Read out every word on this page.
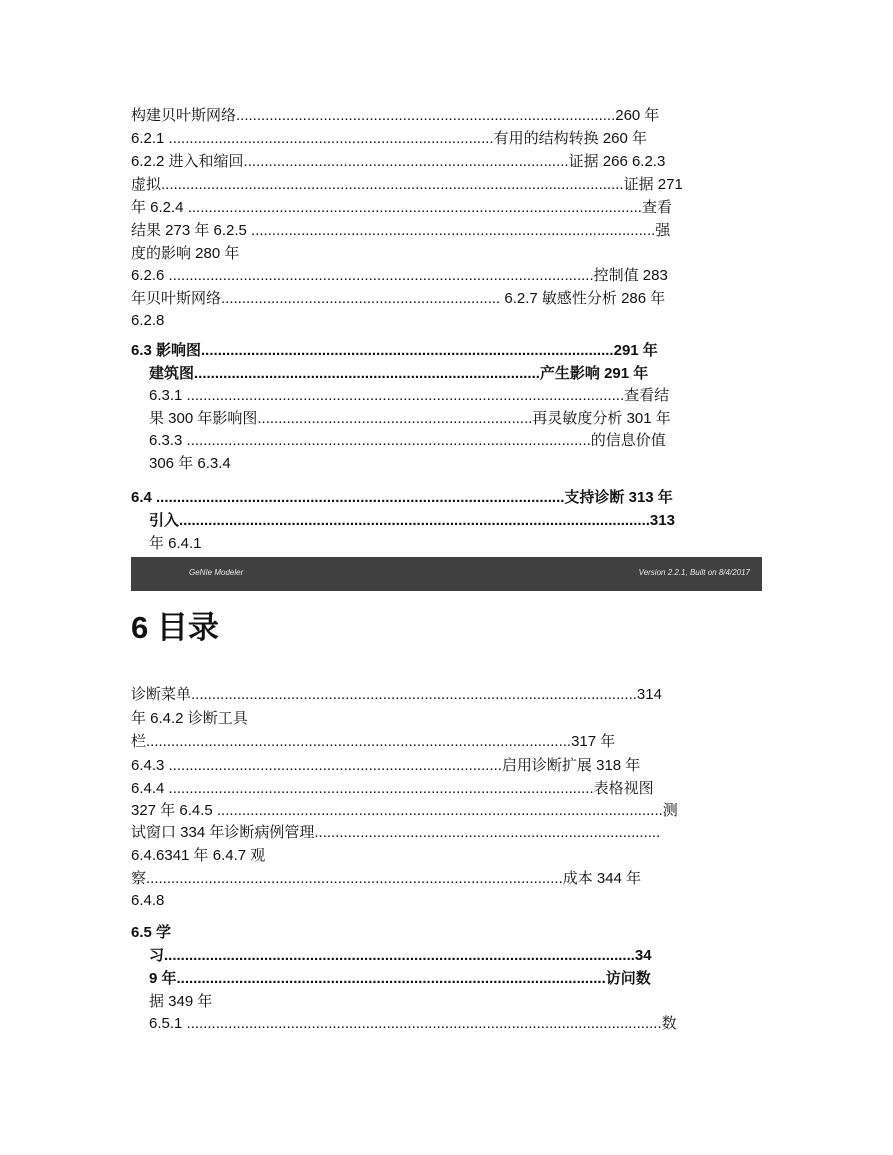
构建贝叶斯网络...........................................................................................260 年
6.2.1 ..............................................................................有用的结构转换 260 年
6.2.2 进入和缩回..............................................................................证据 266 6.2.3
虚拟...............................................................................................................证据 271
年 6.2.4 .............................................................................................................查看
结果 273 年 6.2.5 .................................................................................................强
度的影响 280 年
6.2.6 ......................................................................................................控制值 283
年贝叶斯网络................................................................... 6.2.7 敏感性分析 286 年
6.2.8
6.3 影响图...................................................................................................291 年
建筑图...................................................................................产生影响 291 年
6.3.1 .........................................................................................................查看结
果 300 年影响图..................................................................再灵敏度分析 301 年
6.3.3 .................................................................................................的信息价值
306 年 6.3.4
6.4 ..................................................................................................支持诊断 313 年
引入.................................................................................................................313
年 6.4.1
GeNIe Modeler	Version 2.2.1, Built on 8/4/2017
6 目录
诊断菜单...........................................................................................................314
年 6.4.2 诊断工具
栏......................................................................................................317 年
6.4.3 ................................................................................启用诊断扩展 318 年
6.4.4 ......................................................................................................表格视图
327 年 6.4.5 ...........................................................................................................测
试窗口 334 年诊断病例管理...................................................................................
6.4.6341 年 6.4.7 观
察....................................................................................................成本 344 年
6.4.8
6.5 学
习.................................................................................................................34
9 年.......................................................................................................访问数
据 349 年
6.5.1 ..................................................................................................................数
